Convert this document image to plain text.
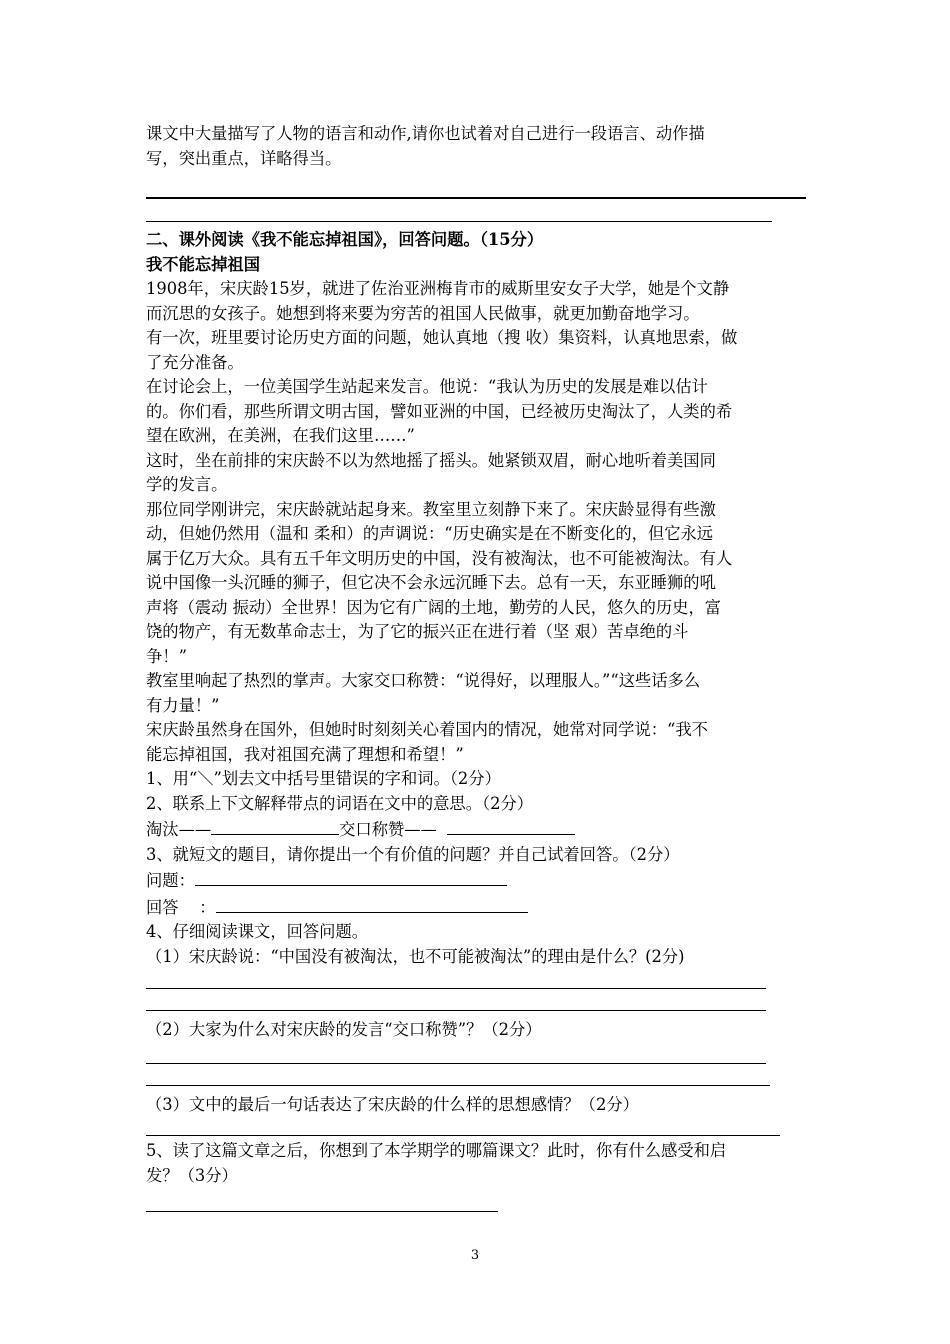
课文中大量描写了人物的语言和动作,请你也试着对自己进行一段语言、动作描
写，突出重点，详略得当。
二、课外阅读《我不能忘掉祖国》，回答问题。（15分）
我不能忘掉祖国
1908年，宋庆龄15岁，就进了佐治亚洲梅肯市的威斯里安女子大学，她是个文静
而沉思的女孩子。她想到将来要为穷苦的祖国人民做事，就更加勤奋地学习。
有一次，班里要讨论历史方面的问题，她认真地（搜 收）集资料，认真地思索，做
了充分准备。
在讨论会上，一位美国学生站起来发言。他说：“我认为历史的发展是难以估计
的。你们看，那些所谓文明古国，譬如亚洲的中国，已经被历史淘汰了，人类的希
望在欧洲，在美洲，在我们这里……”
这时，坐在前排的宋庆龄不以为然地摇了摇头。她紧锁双眉，耐心地听着美国同
学的发言。
那位同学刚讲完，宋庆龄就站起身来。教室里立刻静下来了。宋庆龄显得有些激
动，但她仍然用（温和 柔和）的声调说：“历史确实是在不断变化的，但它永远
属于亿万大众。具有五千年文明历史的中国，没有被淘汰，也不可能被淘汰。有人
说中国像一头沉睡的狮子，但它决不会永远沉睡下去。总有一天，东亚睡狮的吼
声将（震动 振动）全世界！因为它有广阔的土地，勤劳的人民，悠久的历史，富
饶的物产，有无数革命志士，为了它的振兴正在进行着（坚 艰）苦卓绝的斗
争！”
教室里响起了热烈的掌声。大家交口称赞：“说得好，以理服人。”“这些话多么
有力量！”
宋庆龄虽然身在国外，但她时时刻刻关心着国内的情况，她常对同学说：“我不
能忘掉祖国，我对祖国充满了理想和希望！”
1、用“＼”划去文中括号里错误的字和词。（2分）
2、联系上下文解释带点的词语在文中的意思。（2分）
淘汰——	交口称赞——
3、就短文的题目，请你提出一个有价值的问题？并自己试着回答。（2分）
问题：
回答    ：
4、仔细阅读课文，回答问题。
（1）宋庆龄说：“中国没有被淘汰，也不可能被淘汰”的理由是什么？(2分)
（2）大家为什么对宋庆龄的发言“交口称赞”？（2分）
（3）文中的最后一句话表达了宋庆龄的什么样的思想感情？（2分）
5、读了这篇文章之后，你想到了本学期学的哪篇课文？此时，你有什么感受和启
发？（3分）
3
